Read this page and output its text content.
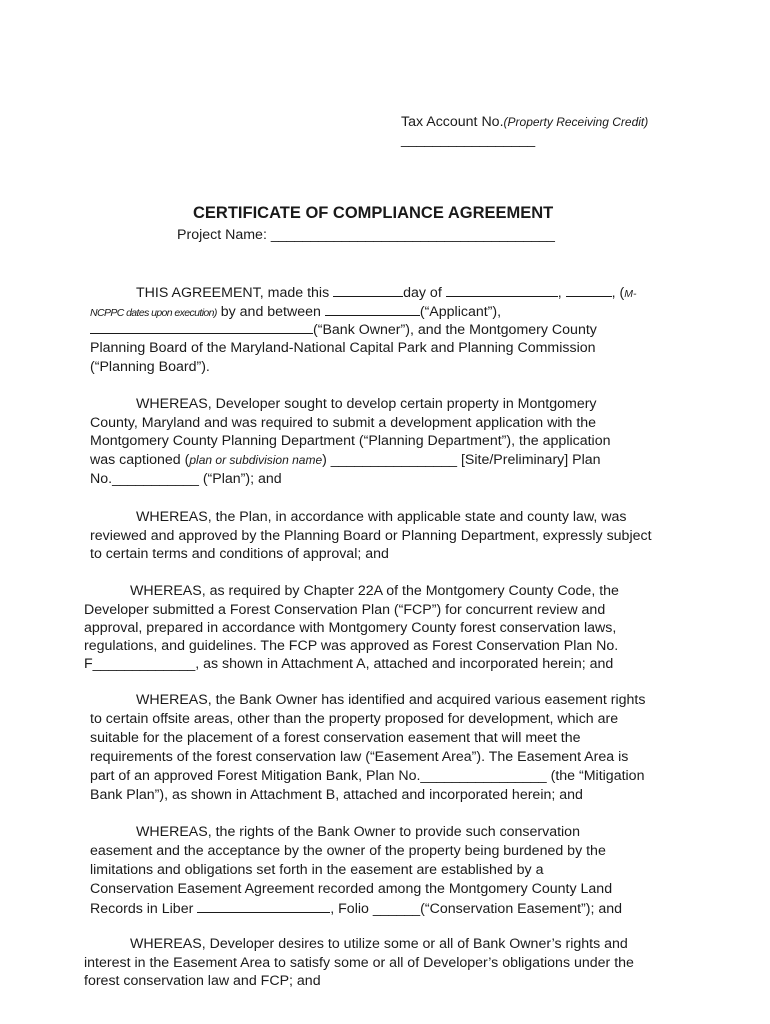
Tax Account No.(Property Receiving Credit)
_________________
CERTIFICATE OF COMPLIANCE AGREEMENT
Project Name: ____________________________________
THIS AGREEMENT, made this	day of	,	, (M-
NCPPC dates upon execution) by and between	(“Applicant”),
(“Bank Owner”), and the Montgomery County
Planning Board of the Maryland-National Capital Park and Planning Commission
(“Planning Board”).
WHEREAS, Developer sought to develop certain property in Montgomery
County, Maryland and was required to submit a development application with the
Montgomery County Planning Department (“Planning Department”), the application
was captioned (plan or subdivision name) ________________ [Site/Preliminary] Plan
No.___________ (“Plan”); and
WHEREAS, the Plan, in accordance with applicable state and county law, was
reviewed and approved by the Planning Board or Planning Department, expressly subject
to certain terms and conditions of approval; and
WHEREAS, as required by Chapter 22A of the Montgomery County Code, the
Developer submitted a Forest Conservation Plan (“FCP”) for concurrent review and
approval, prepared in accordance with Montgomery County forest conservation laws,
regulations, and guidelines. The FCP was approved as Forest Conservation Plan No.
F_____________, as shown in Attachment A, attached and incorporated herein; and
WHEREAS, the Bank Owner has identified and acquired various easement rights
to certain offsite areas, other than the property proposed for development, which are
suitable for the placement of a forest conservation easement that will meet the
requirements of the forest conservation law (“Easement Area”). The Easement Area is
part of an approved Forest Mitigation Bank, Plan No.________________ (the “Mitigation
Bank Plan”), as shown in Attachment B, attached and incorporated herein; and
WHEREAS, the rights of the Bank Owner to provide such conservation
easement and the acceptance by the owner of the property being burdened by the
limitations and obligations set forth in the easement are established by a
Conservation Easement Agreement recorded among the Montgomery County Land
Records in Liber	, Folio ______(“Conservation Easement”); and
WHEREAS, Developer desires to utilize some or all of Bank Owner’s rights and
interest in the Easement Area to satisfy some or all of Developer’s obligations under the
forest conservation law and FCP; and
